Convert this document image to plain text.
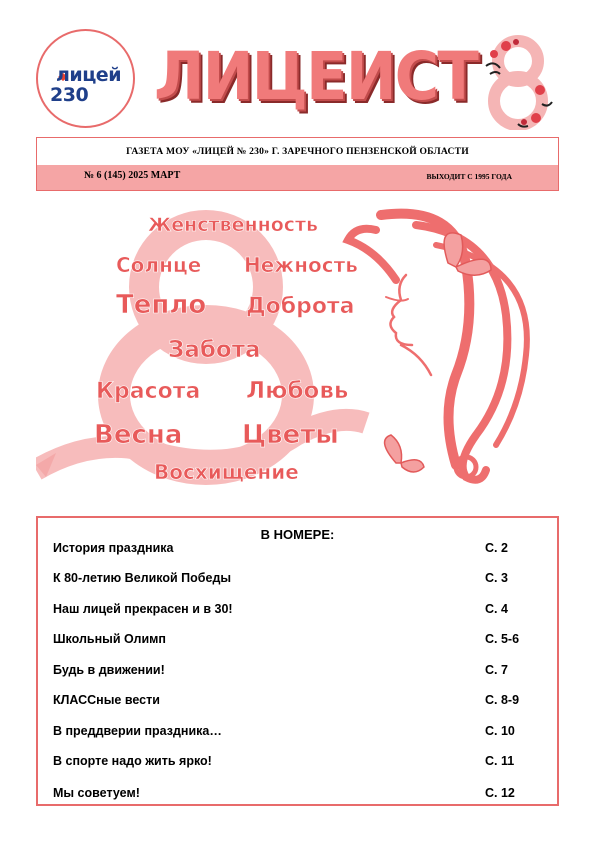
лицей
230 ЛИЦЕИСТ
ГАЗЕТА МОУ «ЛИЦЕЙ № 230» Г. ЗАРЕЧНОГО ПЕНЗЕНСКОЙ ОБЛАСТИ
№ 6 (145) 2025 МАРТ	ВЫХОДИТ С 1995 ГОДА
Женственность
Солнце Нежность
Тепло Доброта
Забота
Красота Любовь
Весна Цветы
Восхищение
В НОМЕРЕ:
История праздника	С. 2
К 80-летию Великой Победы	С. 3
Наш лицей прекрасен и в 30!	С. 4
Школьный Олимп	С. 5-6
Будь в движении!	С. 7
КЛАССные вести	С. 8-9
В преддверии праздника…	С. 10
В спорте надо жить ярко!	С. 11
Мы советуем!	С. 12
